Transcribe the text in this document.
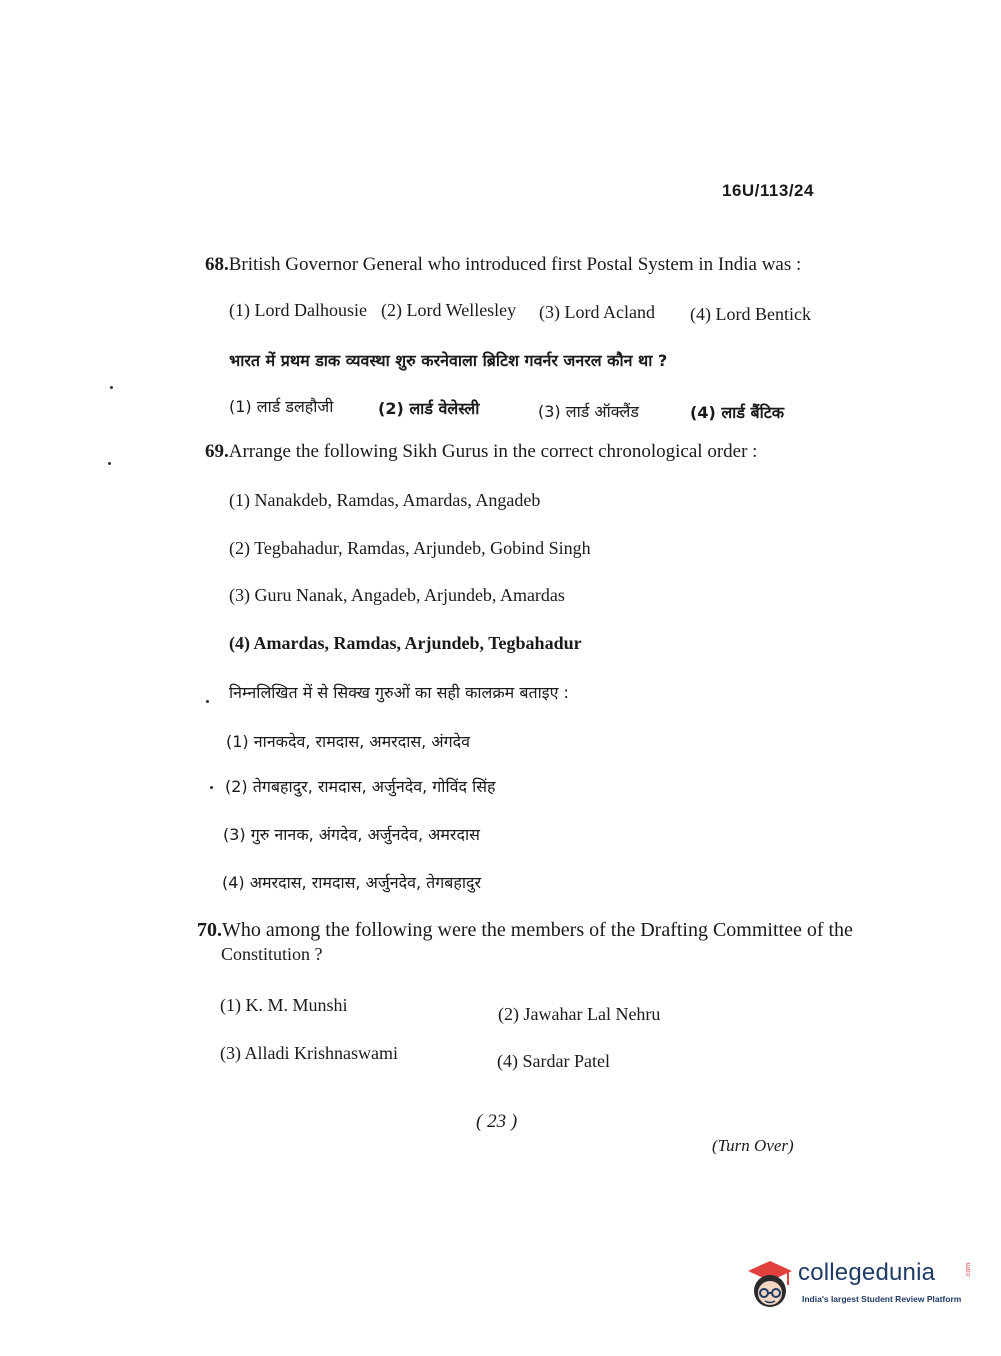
16U/113/24
68.British Governor General who introduced first Postal System in India was :
(1) Lord Dalhousie (2) Lord Wellesley (3) Lord Acland (4) Lord Bentick
भारत में प्रथम डाक व्यवस्था शुरु करनेवाला ब्रिटिश गवर्नर जनरल कौन था ?
(1) लार्ड डलहौजी	(2) लार्ड वेलेस्ली	(3) लार्ड ऑक्लैंड	(4) लार्ड बैंटिक
69.Arrange the following Sikh Gurus in the correct chronological order :
(1) Nanakdeb, Ramdas, Amardas, Angadeb
(2) Tegbahadur, Ramdas, Arjundeb, Gobind Singh
(3) Guru Nanak, Angadeb, Arjundeb, Amardas
(4) Amardas, Ramdas, Arjundeb, Tegbahadur
निम्नलिखित में से सिक्ख गुरुओं का सही कालक्रम बताइए :
(1) नानकदेव, रामदास, अमरदास, अंगदेव
(2) तेगबहादुर, रामदास, अर्जुनदेव, गोविंद सिंह
(3) गुरु नानक, अंगदेव, अर्जुनदेव, अमरदास
(4) अमरदास, रामदास, अर्जुनदेव, तेगबहादुर
70.Who among the following were the members of the Drafting Committee of the
Constitution ?
(1) K. M. Munshi	(2) Jawahar Lal Nehru
(3) Alladi Krishnaswami	(4) Sardar Patel
( 23 )
(Turn Over)
collegedunia	.com
India's largest Student Review Platform
